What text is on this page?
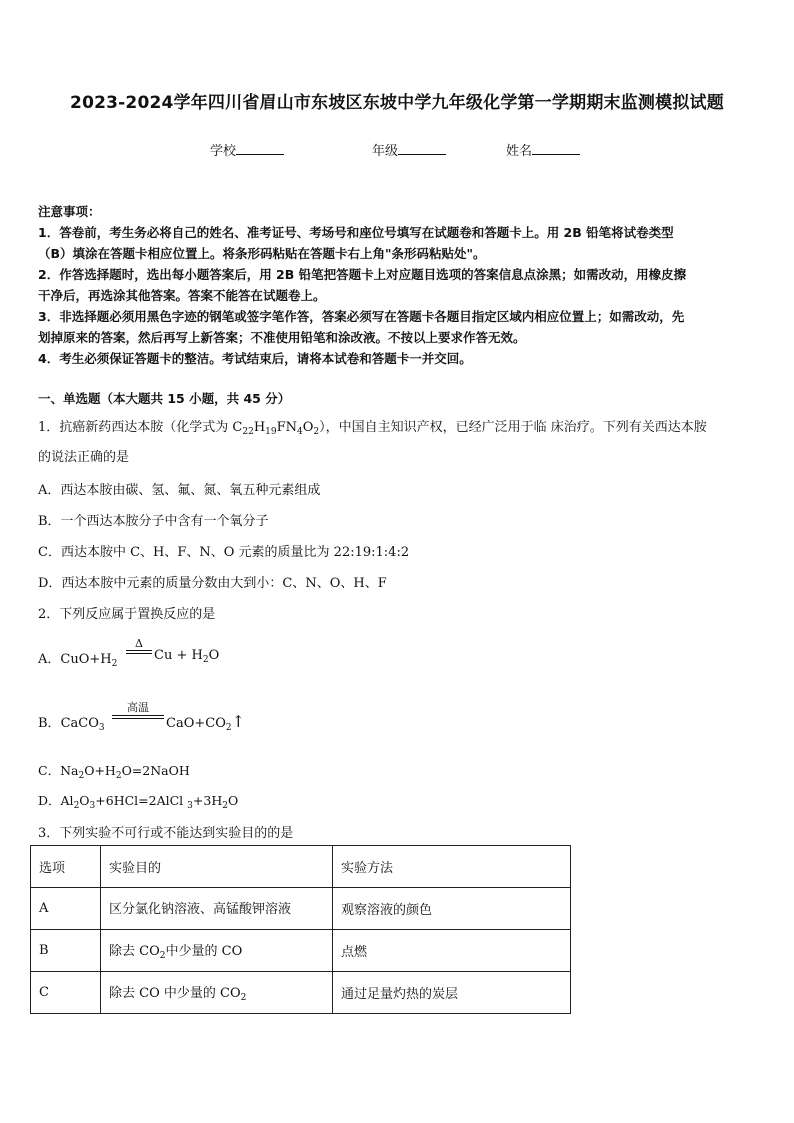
2023-2024学年四川省眉山市东坡区东坡中学九年级化学第一学期期末监测模拟试题
学校	年级	姓名
注意事项：
1．答卷前，考生务必将自己的姓名、准考证号、考场号和座位号填写在试题卷和答题卡上。用 2B 铅笔将试卷类型
（B）填涂在答题卡相应位置上。将条形码粘贴在答题卡右上角"条形码粘贴处"。
2．作答选择题时，选出每小题答案后，用 2B 铅笔把答题卡上对应题目选项的答案信息点涂黑；如需改动，用橡皮擦
干净后，再选涂其他答案。答案不能答在试题卷上。
3．非选择题必须用黑色字迹的钢笔或签字笔作答，答案必须写在答题卡各题目指定区域内相应位置上；如需改动，先
划掉原来的答案，然后再写上新答案；不准使用铅笔和涂改液。不按以上要求作答无效。
4．考生必须保证答题卡的整洁。考试结束后，请将本试卷和答题卡一并交回。
一、单选题（本大题共 15 小题，共 45 分）
1．抗癌新药西达本胺（化学式为 $C_{22}H_{19}FN_4O_2$），中国自主知识产权，已经广泛用于临 床治疗。下列有关西达本胺
的说法正确的是
A．西达本胺由碳、氢、氟、氮、氧五种元素组成
B．一个西达本胺分子中含有一个氧分子
C．西达本胺中 C、H、F、N、O 元素的质量比为 22:19:1:4:2
D．西达本胺中元素的质量分数由大到小：C、N、O、H、F
2．下列反应属于置换反应的是
A．$CuO+H_2$
Δ
$Cu + H_2O$
B．CaCO$_3$
高温
$CaO+CO_2↑$
C．$Na_2O+H_2O=2NaOH$
D．$Al_2O_3+6HCl=2AlCl$ $_3+3H_2O$
3．下列实验不可行或不能达到实验目的的是
选项	实验目的	实验方法
A	区分氯化钠溶液、高锰酸钾溶液	观察溶液的颜色
B	除去 $CO_2$中少量的 CO	点燃
C	除去 CO 中少量的 $CO_2$	通过足量灼热的炭层
